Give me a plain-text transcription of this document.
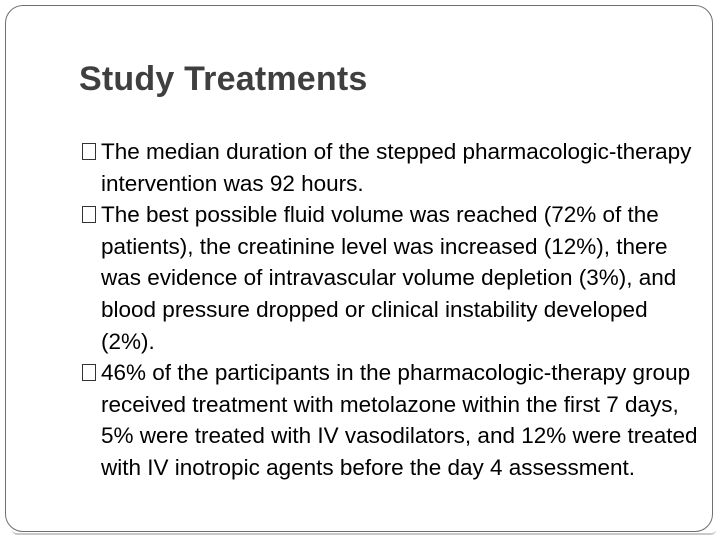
Study Treatments
The median duration of the stepped pharmacologic-therapy intervention was 92 hours.
The best possible fluid volume was reached (72% of the patients), the creatinine level was increased (12%), there was evidence of intravascular volume depletion (3%), and blood pressure dropped or clinical instability developed (2%).
46% of the participants in the pharmacologic-therapy group received treatment with metolazone within the first 7 days, 5% were treated with IV vasodilators, and 12% were treated with IV inotropic agents before the day 4 assessment.
